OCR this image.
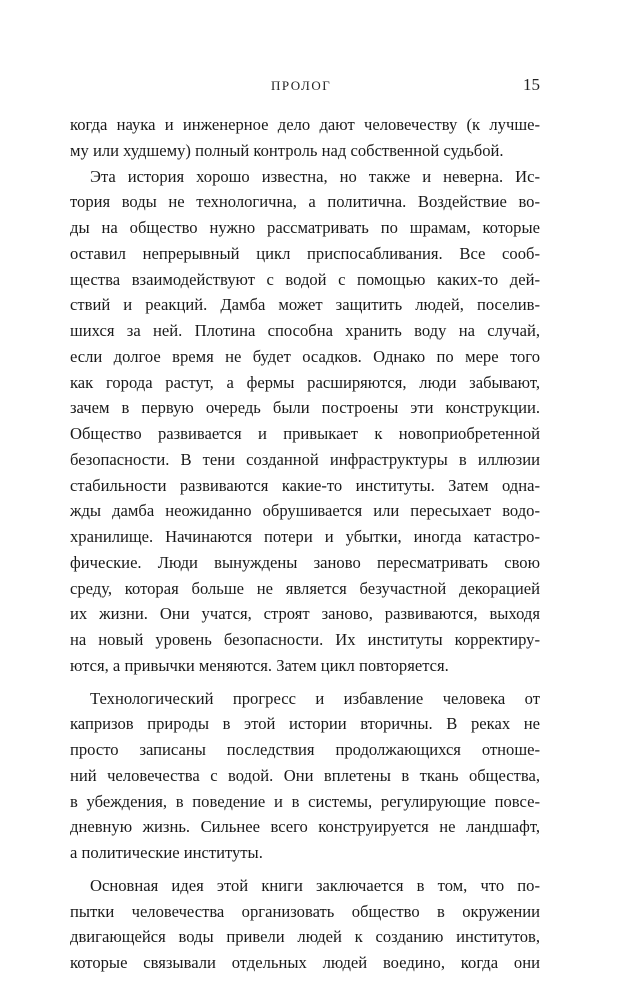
ПРОЛОГ	15
когда наука и инженерное дело дают человечеству (к лучше-
му или худшему) полный контроль над собственной судьбой.
Эта история хорошо известна, но также и неверна. Ис-
тория воды не технологична, а политична. Воздействие во-
ды на общество нужно рассматривать по шрамам, которые
оставил непрерывный цикл приспосабливания. Все сооб-
щества взаимодействуют с водой с помощью каких-то дей-
ствий и реакций. Дамба может защитить людей, поселив-
шихся за ней. Плотина способна хранить воду на случай,
если долгое время не будет осадков. Однако по мере того
как города растут, а фермы расширяются, люди забывают,
зачем в первую очередь были построены эти конструкции.
Общество развивается и привыкает к новоприобретенной
безопасности. В тени созданной инфраструктуры в иллюзии
стабильности развиваются какие-то институты. Затем одна-
жды дамба неожиданно обрушивается или пересыхает водо-
хранилище. Начинаются потери и убытки, иногда катастро-
фические. Люди вынуждены заново пересматривать свою
среду, которая больше не является безучастной декорацией
их жизни. Они учатся, строят заново, развиваются, выходя
на новый уровень безопасности. Их институты корректиру-
ются, а привычки меняются. Затем цикл повторяется.
Технологический прогресс и избавление человека от
капризов природы в этой истории вторичны. В реках не
просто записаны последствия продолжающихся отноше-
ний человечества с водой. Они вплетены в ткань общества,
в убеждения, в поведение и в системы, регулирующие повсе-
дневную жизнь. Сильнее всего конструируется не ландшафт,
а политические институты.
Основная идея этой книги заключается в том, что по-
пытки человечества организовать общество в окружении
двигающейся воды привели людей к созданию институтов,
которые связывали отдельных людей воедино, когда они
